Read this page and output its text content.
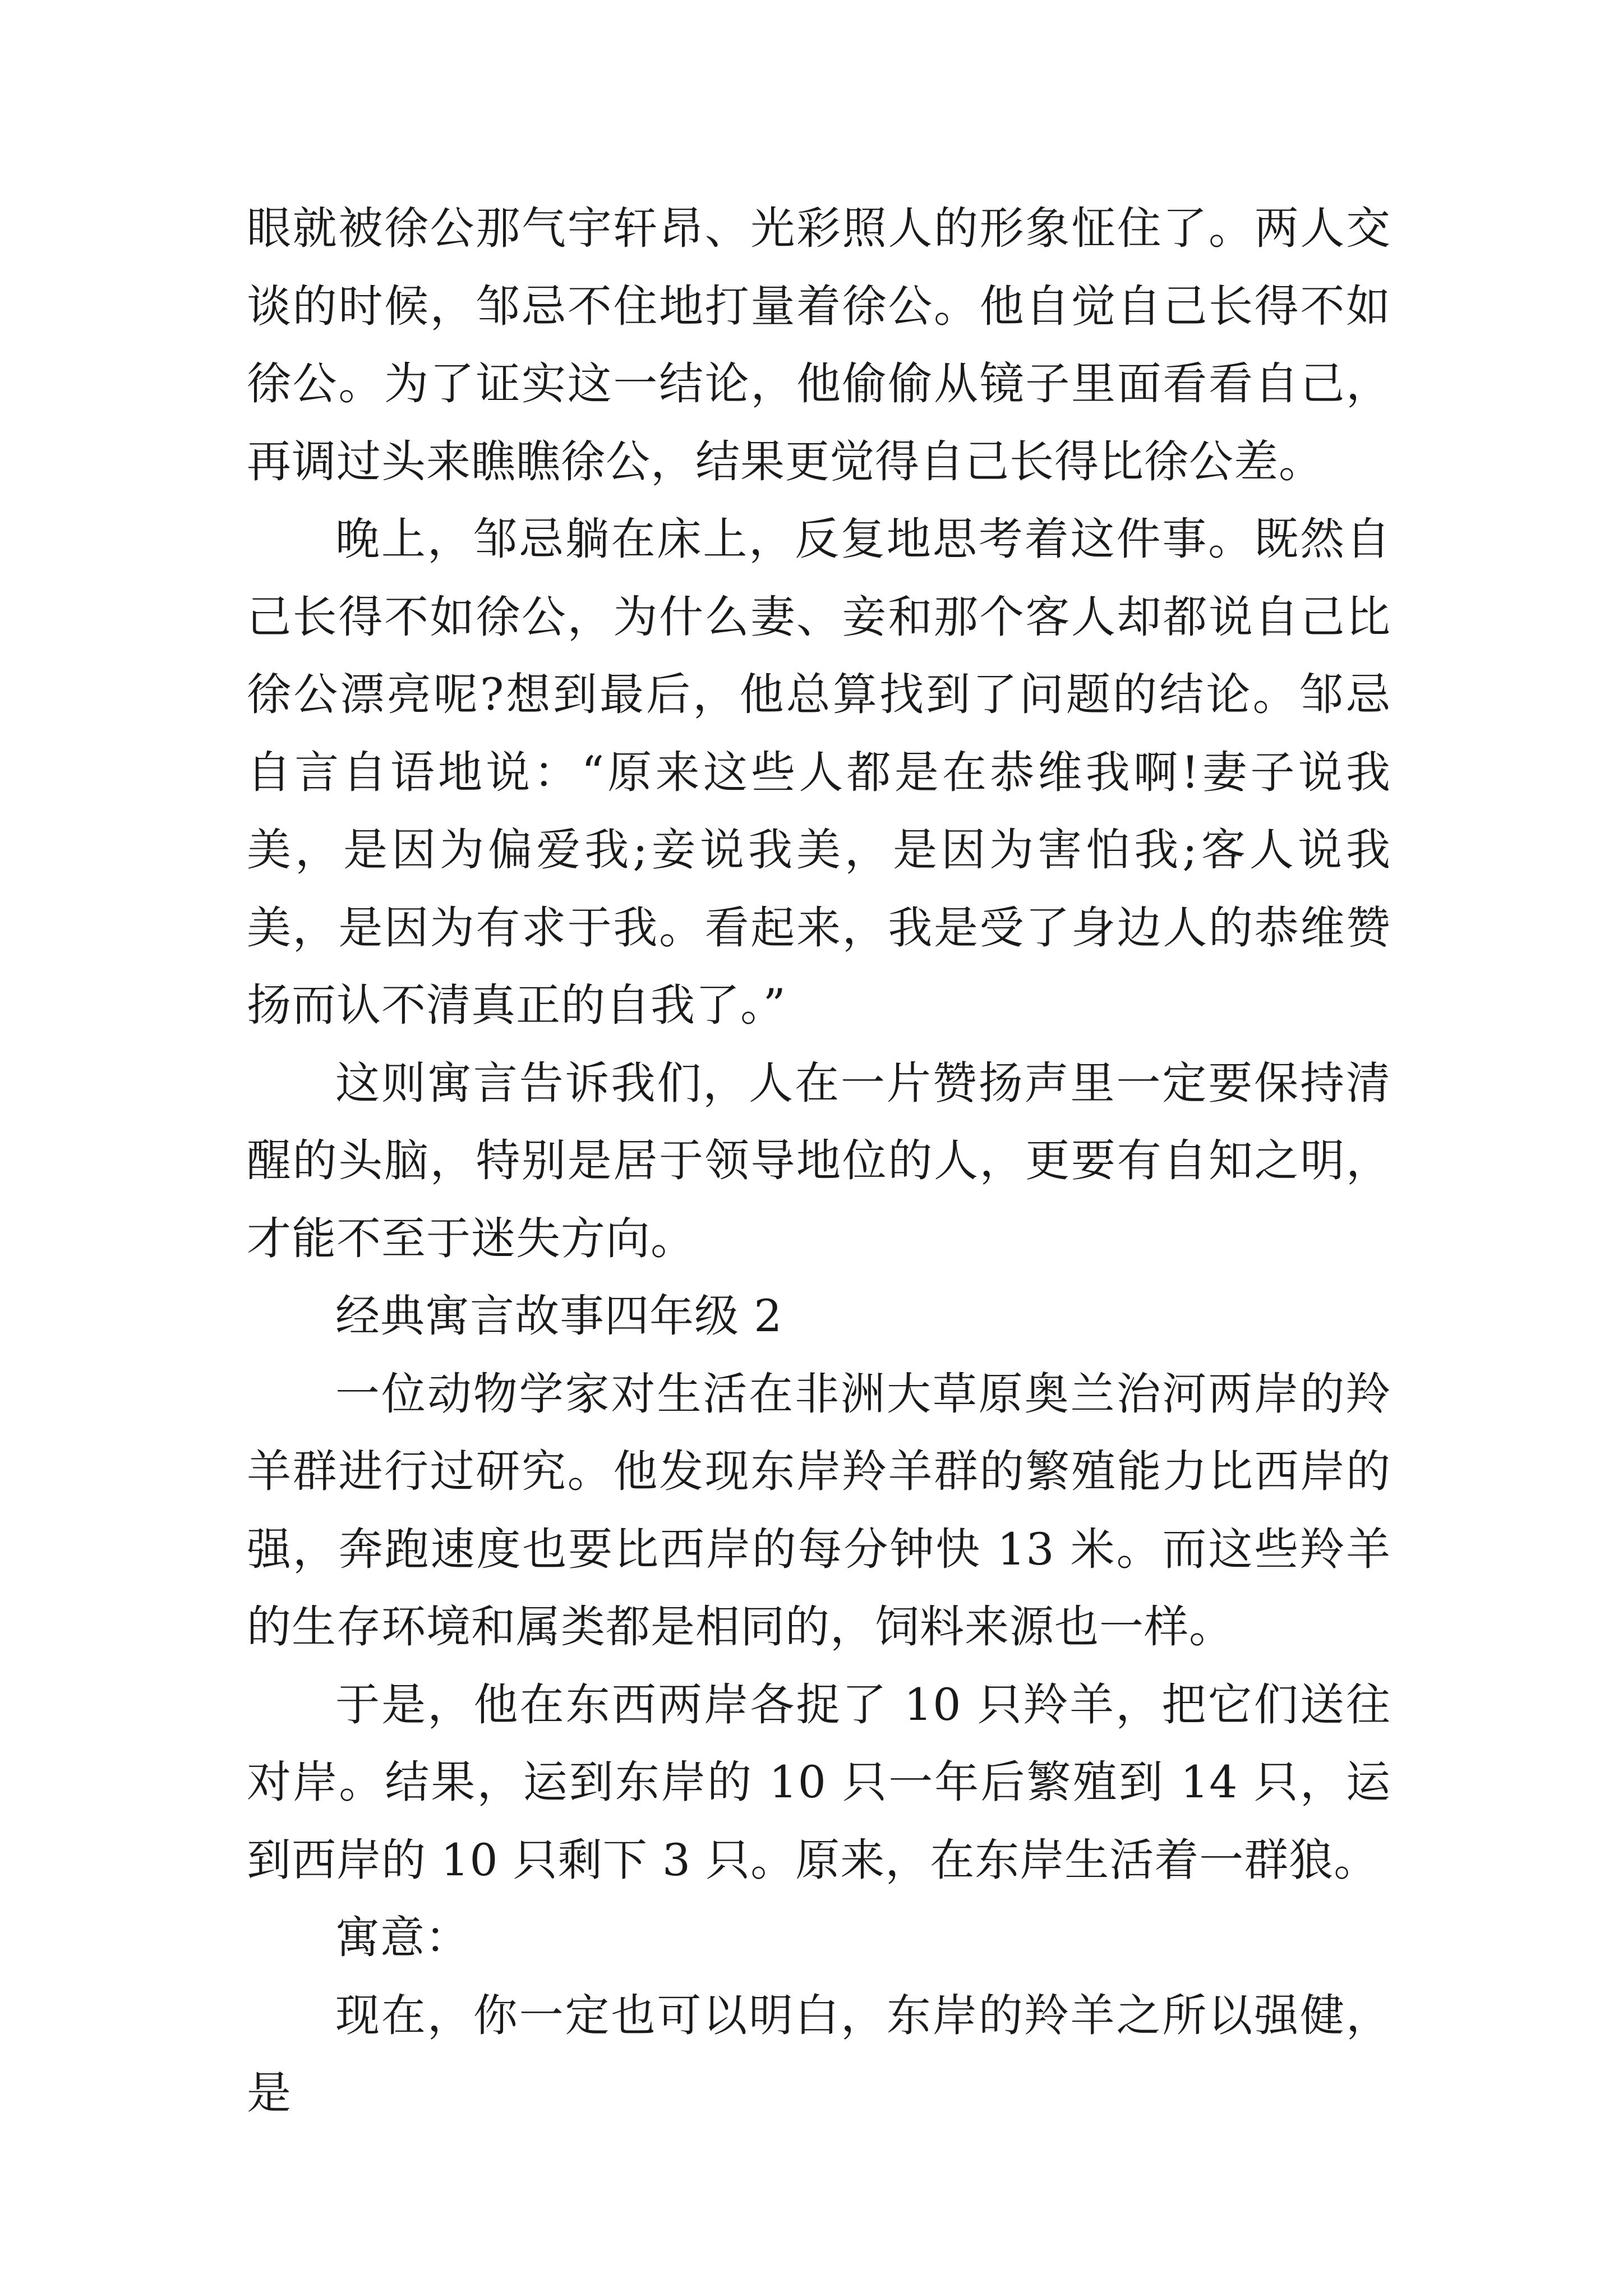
眼就被徐公那气宇轩昂、光彩照人的形象怔住了。两人交谈的时候，邹忌不住地打量着徐公。他自觉自己长得不如徐公。为了证实这一结论，他偷偷从镜子里面看看自己，再调过头来瞧瞧徐公，结果更觉得自己长得比徐公差。

晚上，邹忌躺在床上，反复地思考着这件事。既然自己长得不如徐公，为什么妻、妾和那个客人却都说自己比徐公漂亮呢?想到最后，他总算找到了问题的结论。邹忌自言自语地说：“原来这些人都是在恭维我啊!妻子说我美，是因为偏爱我;妾说我美，是因为害怕我;客人说我美，是因为有求于我。看起来，我是受了身边人的恭维赞扬而认不清真正的自我了。”

这则寓言告诉我们，人在一片赞扬声里一定要保持清醒的头脑，特别是居于领导地位的人，更要有自知之明，才能不至于迷失方向。

经典寓言故事四年级 2

一位动物学家对生活在非洲大草原奥兰治河两岸的羚羊群进行过研究。他发现东岸羚羊群的繁殖能力比西岸的强，奔跑速度也要比西岸的每分钟快 13 米。而这些羚羊的生存环境和属类都是相同的，饲料来源也一样。

于是，他在东西两岸各捉了 10 只羚羊，把它们送往对岸。结果，运到东岸的 10 只一年后繁殖到 14 只，运到西岸的 10 只剩下 3 只。原来，在东岸生活着一群狼。

寓意：

现在，你一定也可以明白，东岸的羚羊之所以强健，是
